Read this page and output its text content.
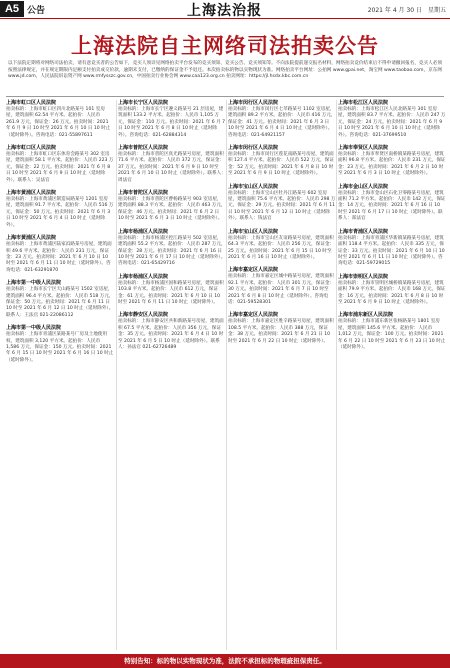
A5 公告	上海法治报	2021 年 4 月 30 日　星期五
上海法院自主网络司法拍卖公告
以下法院定期将对网络司法拍卖，请有意竞买者的公告如下，竞买人须详见网络拍卖平台发布的竞买须知、竞买公告、竞买须知等。不向法院提前递交报名材料，网络拍卖竞价结束后不得申请撤回报名，竞买人必须按照法律规定，并在规定期限内足额支付拍卖成交价款，逾期未支付，已缴纳的保证金不予退还。本次拍卖标的物以实物现状为准。网络拍卖平台网址：公拍网 www.gpai.net，淘宝网 www.taobao.com，京东网 www.jd.com，人民法院诉讼资产网 www.rmfysszc.gov.cn，中国拍卖行业协会网 www.caa123.org.cn 拍卖网址：https://jl.hsdx.kbc.com.cn
上海市虹口区人民法院
拍卖标的：上海市虹口区四川北路某号 101 室房屋，建筑面积 62.54 平方米。起拍价：人民币 261.9 万元，保证金：26 万元。拍卖时间：2021 年 6 月 9 日 10 时至 2021 年 6 月 10 日 10 时止（延时除外）。咨询电话：021-55897611
上海市虹口区人民法院
拍卖标的：上海市虹口区东体育会路某号 302 室房屋，建筑面积 58.1 平方米。起拍价：人民币 223 万元，保证金：22 万元。拍卖时间：2021 年 6 月 8 日 10 时至 2021 年 6 月 9 日 10 时止（延时除外）。联系人：吴法官
上海市黄浦区人民法院
拍卖标的：上海市黄浦区制造局路某号 1201 室房屋，建筑面积 91.7 平方米。起拍价：人民币 516 万元，保证金：50 万元。拍卖时间：2021 年 6 月 3 日 10 时至 2021 年 6 月 4 日 10 时止（延时除外）。
上海市黄浦区人民法院
拍卖标的：上海市黄浦区陆家浜路某号房屋，建筑面积 49.6 平方米。起拍价：人民币 231 万元，保证金：23 万元。拍卖时间：2021 年 6 月 10 日 10 时至 2021 年 6 月 11 日 10 时止（延时除外）。咨询电话：021-63291870
上海市第一中级人民法院
拍卖标的：上海市长宁区天山路某号 1502 室房屋，建筑面积 96.4 平方米。起拍价：人民币 518 万元，保证金：50 万元。拍卖时间：2021 年 6 月 11 日 10 时至 2021 年 6 月 12 日 10 时止（延时除外）。联系人：王法官 021-22086112
上海市第一中级人民法院
拍卖标的：上海市青浦区某路某号厂房及土地使用权，建筑面积 3,120 平方米。起拍价：人民币 1,586 万元，保证金：150 万元。拍卖时间：2021 年 6 月 15 日 10 时至 2021 年 6 月 16 日 10 时止（延时除外）。
上海市长宁区人民法院
拍卖标的：上海市长宁区遵义路某号 21 层房屋，建筑面积 133.2 平方米。起拍价：人民币 1,105 万元，保证金：110 万元。拍卖时间：2021 年 6 月 7 日 10 时至 2021 年 6 月 8 日 10 时止（延时除外）。咨询电话：021-62884314
上海市普陀区人民法院
拍卖标的：上海市普陀区真光路某号房屋，建筑面积 71.6 平方米。起拍价：人民币 372 万元，保证金：37 万元。拍卖时间：2021 年 6 月 9 日 10 时至 2021 年 6 月 10 日 10 时止（延时除外）。联系人：周法官
上海市普陀区人民法院
拍卖标的：上海市普陀区曹杨路某号 903 室房屋，建筑面积 88.3 平方米。起拍价：人民币 463 万元，保证金：46 万元。拍卖时间：2021 年 6 月 2 日 10 时至 2021 年 6 月 3 日 10 时止（延时除外）。
上海市杨浦区人民法院
拍卖标的：上海市杨浦区控江路某号 502 室房屋，建筑面积 55.2 平方米。起拍价：人民币 287 万元，保证金：28 万元。拍卖时间：2021 年 6 月 16 日 10 时至 2021 年 6 月 17 日 10 时止（延时除外）。咨询电话：021-65429716
上海市杨浦区人民法院
拍卖标的：上海市杨浦区国和路某号房屋，建筑面积 103.8 平方米。起拍价：人民币 612 万元，保证金：61 万元。拍卖时间：2021 年 6 月 10 日 10 时至 2021 年 6 月 11 日 10 时止（延时除外）。
上海市静安区人民法院
拍卖标的：上海市静安区共和新路某号房屋，建筑面积 67.5 平方米。起拍价：人民币 356 万元，保证金：35 万元。拍卖时间：2021 年 6 月 4 日 10 时至 2021 年 6 月 5 日 10 时止（延时除外）。联系人：孙法官 021-62726489
上海市闵行区人民法院
拍卖标的：上海市闵行区七莘路某号 1102 室房屋，建筑面积 89.2 平方米。起拍价：人民币 416 万元，保证金：41 万元。拍卖时间：2021 年 6 月 3 日 10 时至 2021 年 6 月 4 日 10 时止（延时除外）。咨询电话：021-64921157
上海市闵行区人民法院
拍卖标的：上海市闵行区莲花南路某号房屋，建筑面积 127.4 平方米。起拍价：人民币 522 万元，保证金：52 万元。拍卖时间：2021 年 6 月 8 日 10 时至 2021 年 6 月 9 日 10 时止（延时除外）。
上海市宝山区人民法院
拍卖标的：上海市宝山区牡丹江路某号 602 室房屋，建筑面积 75.6 平方米。起拍价：人民币 298 万元，保证金：29 万元。拍卖时间：2021 年 6 月 11 日 10 时至 2021 年 6 月 12 日 10 时止（延时除外）。联系人：钱法官
上海市宝山区人民法院
拍卖标的：上海市宝山区友谊路某号房屋，建筑面积 64.3 平方米。起拍价：人民币 256 万元，保证金：25 万元。拍卖时间：2021 年 6 月 15 日 10 时至 2021 年 6 月 16 日 10 时止（延时除外）。
上海市嘉定区人民法院
拍卖标的：上海市嘉定区城中路某号房屋，建筑面积 92.1 平方米。起拍价：人民币 301 万元，保证金：30 万元。拍卖时间：2021 年 6 月 7 日 10 时至 2021 年 6 月 8 日 10 时止（延时除外）。咨询电话：021-59528301
上海市嘉定区人民法院
拍卖标的：上海市嘉定区胜辛路某号房屋，建筑面积 108.5 平方米。起拍价：人民币 388 万元，保证金：38 万元。拍卖时间：2021 年 6 月 21 日 10 时至 2021 年 6 月 22 日 10 时止（延时除外）。
上海市松江区人民法院
拍卖标的：上海市松江区人民北路某号 301 室房屋，建筑面积 83.7 平方米。起拍价：人民币 247 万元，保证金：24 万元。拍卖时间：2021 年 6 月 9 日 10 时至 2021 年 6 月 10 日 10 时止（延时除外）。咨询电话：021-37699510
上海市奉贤区人民法院
拍卖标的：上海市奉贤区南桥镇某路某号房屋，建筑面积 96.8 平方米。起拍价：人民币 231 万元，保证金：23 万元。拍卖时间：2021 年 6 月 2 日 10 时至 2021 年 6 月 3 日 10 时止（延时除外）。
上海市金山区人民法院
拍卖标的：上海市金山区石化卫零路某号房屋，建筑面积 71.2 平方米。起拍价：人民币 142 万元，保证金：14 万元。拍卖时间：2021 年 6 月 16 日 10 时至 2021 年 6 月 17 日 10 时止（延时除外）。联系人：郑法官
上海市青浦区人民法院
拍卖标的：上海市青浦区华新镇某路某号房屋，建筑面积 118.4 平方米。起拍价：人民币 335 万元，保证金：33 万元。拍卖时间：2021 年 6 月 10 日 10 时至 2021 年 6 月 11 日 10 时止（延时除外）。咨询电话：021-59729015
上海市崇明区人民法院
拍卖标的：上海市崇明区城桥镇某路某号房屋，建筑面积 79.9 平方米。起拍价：人民币 168 万元，保证金：16 万元。拍卖时间：2021 年 6 月 8 日 10 时至 2021 年 6 月 9 日 10 时止（延时除外）。
上海市浦东新区人民法院
拍卖标的：上海市浦东新区张杨路某号 1801 室房屋，建筑面积 145.6 平方米。起拍价：人民币 1,012 万元，保证金：100 万元。拍卖时间：2021 年 6 月 22 日 10 时至 2021 年 6 月 23 日 10 时止（延时除外）。
特别告知：标的物以实物现状为准，法院不承担标的物瑕疵担保责任。
